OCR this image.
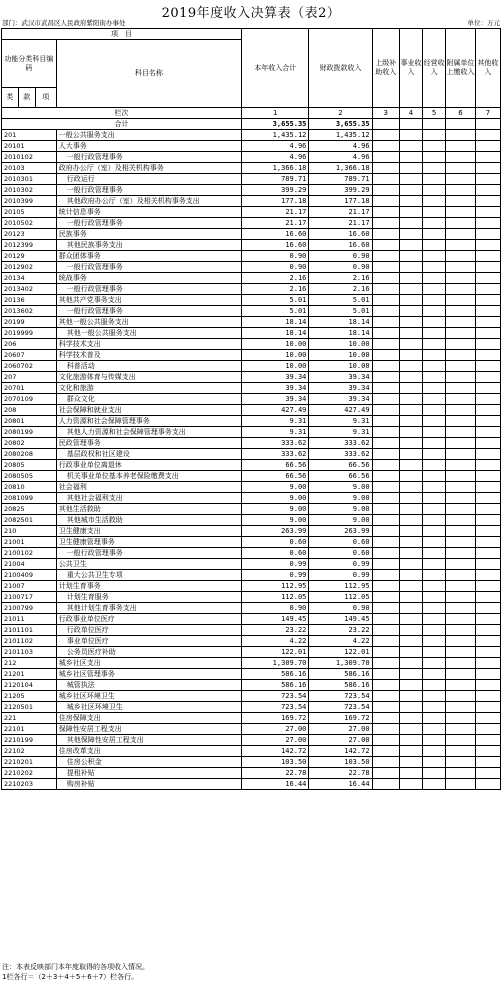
2019年度收入决算表（表2）
部门：武汉市武昌区人民政府紫阳街办事处	单位：万元
项　目				本年收入合计	财政拨款收入	上级补助收入	事业收入	经营收入	附属单位上缴收入	其他收入
功能分类科目编码			科目名称							
类	款	项								
栏次				1	2	3	4	5	6	7
合计				3,655.35	3,655.35					
201			一般公共服务支出	1,435.12	1,435.12					
20101			人大事务	4.96	4.96					
2010102			一般行政管理事务	4.96	4.96					
20103			政府办公厅（室）及相关机构事务	1,366.18	1,366.18					
2010301			行政运行	789.71	789.71					
2010302			一般行政管理事务	399.29	399.29					
2010399			其他政府办公厅（室）及相关机构事务支出	177.18	177.18					
20105			统计信息事务	21.17	21.17					
2010502			一般行政管理事务	21.17	21.17					
20123			民族事务	16.60	16.60					
2012399			其他民族事务支出	16.60	16.60					
20129			群众团体事务	0.90	0.90					
2012902			一般行政管理事务	0.90	0.90					
20134			统战事务	2.16	2.16					
2013402			一般行政管理事务	2.16	2.16					
20136			其他共产党事务支出	5.01	5.01					
2013602			一般行政管理事务	5.01	5.01					
20199			其他一般公共服务支出	18.14	18.14					
2019999			其他一般公共服务支出	18.14	18.14					
206			科学技术支出	10.00	10.00					
20607			科学技术普及	10.00	10.00					
2060702			科普活动	10.00	10.00					
207			文化旅游体育与传媒支出	39.34	39.34					
20701			文化和旅游	39.34	39.34					
2070109			群众文化	39.34	39.34					
208			社会保障和就业支出	427.49	427.49					
20801			人力资源和社会保障管理事务	9.31	9.31					
2080199			其他人力资源和社会保障管理事务支出	9.31	9.31					
20802			民政管理事务	333.62	333.62					
2080208			基层政权和社区建设	333.62	333.62					
20805			行政事业单位离退休	66.56	66.56					
2080505			机关事业单位基本养老保险缴费支出	66.56	66.56					
20810			社会福利	9.00	9.00					
2081099			其他社会福利支出	9.00	9.00					
20825			其他生活救助	9.00	9.00					
2082501			其他城市生活救助	9.00	9.00					
210			卫生健康支出	263.99	263.99					
21001			卫生健康管理事务	0.60	0.60					
2100102			一般行政管理事务	0.60	0.60					
21004			公共卫生	0.99	0.99					
2100409			重大公共卫生专项	0.99	0.99					
21007			计划生育事务	112.95	112.95					
2100717			计划生育服务	112.05	112.05					
2100799			其他计划生育事务支出	0.90	0.90					
21011			行政事业单位医疗	149.45	149.45					
2101101			行政单位医疗	23.22	23.22					
2101102			事业单位医疗	4.22	4.22					
2101103			公务员医疗补助	122.01	122.01					
212			城乡社区支出	1,309.70	1,309.70					
21201			城乡社区管理事务	586.16	586.16					
2120104			城管执法	586.16	586.16					
21205			城乡社区环境卫生	723.54	723.54					
2120501			城乡社区环境卫生	723.54	723.54					
221			住房保障支出	169.72	169.72					
22101			保障性安居工程支出	27.00	27.00					
2210199			其他保障性安居工程支出	27.00	27.00					
22102			住房改革支出	142.72	142.72					
2210201			住房公积金	103.50	103.50					
2210202			提租补贴	22.78	22.78					
2210203			购房补贴	16.44	16.44					
注：本表反映部门本年度取得的各项收入情况。
1栏各行＝（2＋3＋4＋5＋6＋7）栏各行。
